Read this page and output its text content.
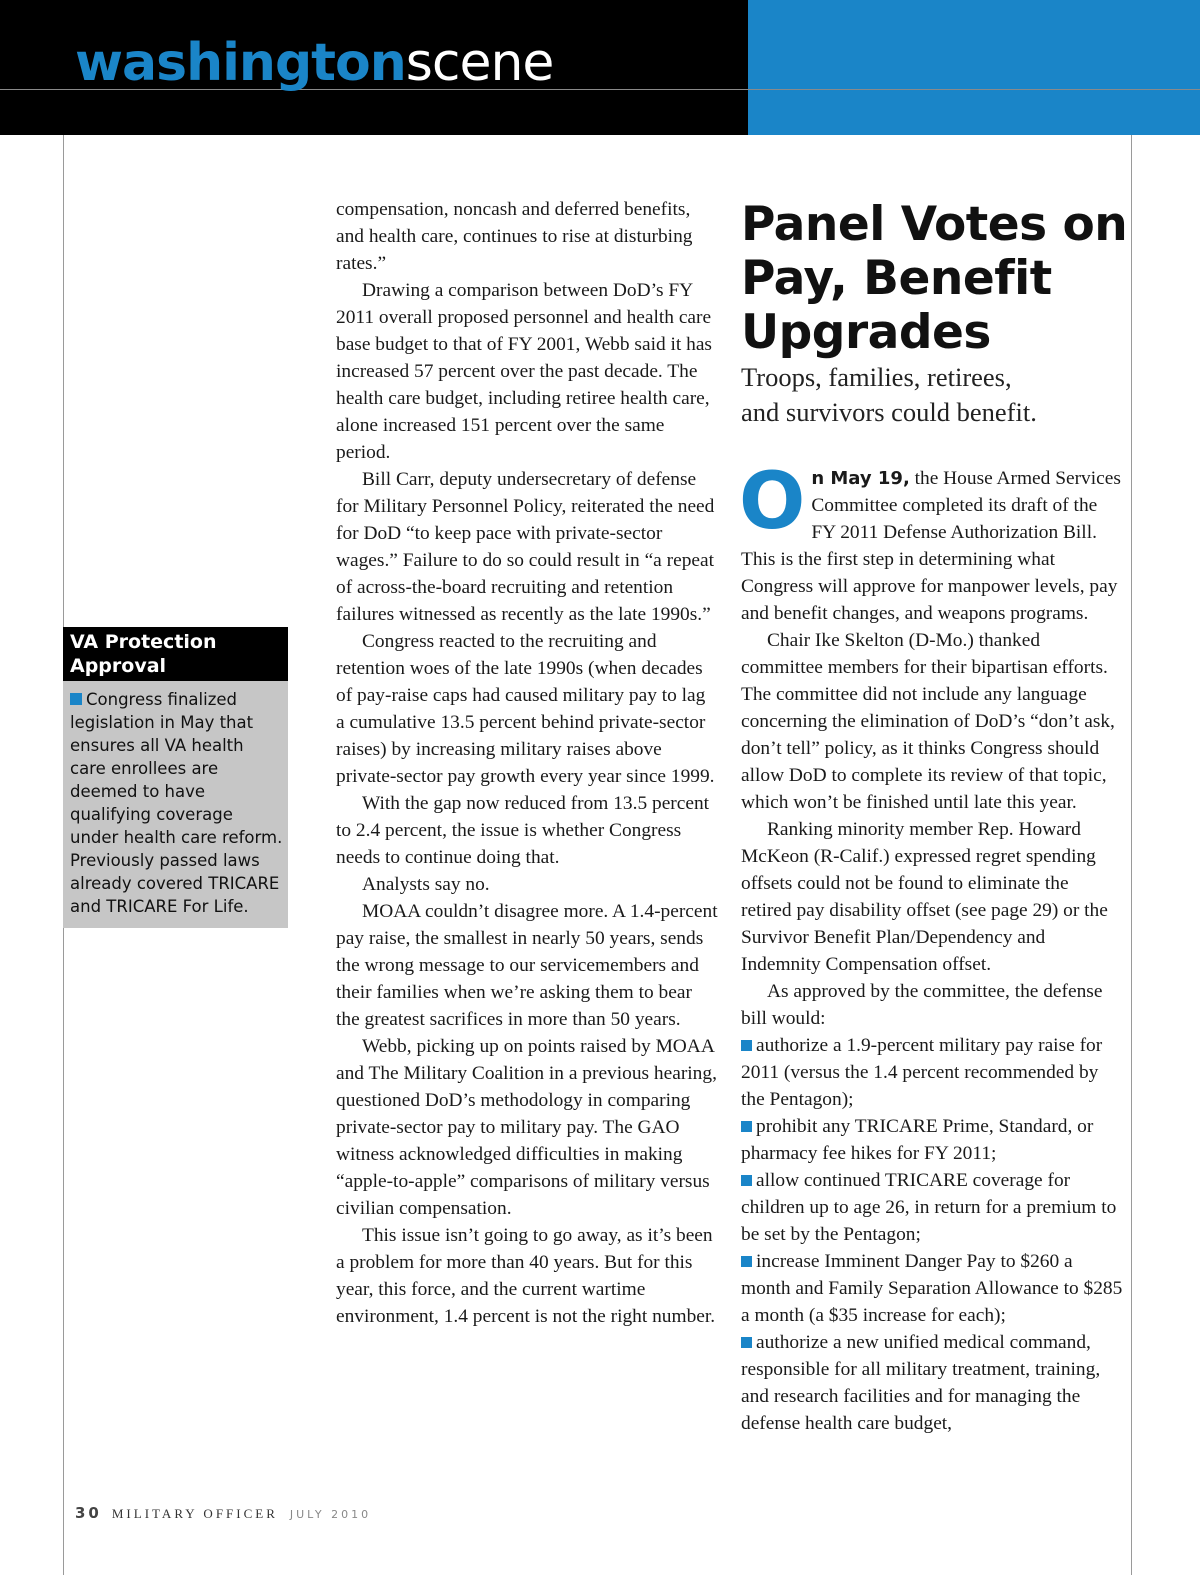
washingtonscene
VA Protection
Approval
Congress finalized legislation in May that ensures all VA health care enrollees are deemed to have qualifying coverage under health care reform. Previously passed laws already covered TRICARE and TRICARE For Life.

compensation, noncash and deferred benefits, and health care, continues to rise at disturbing rates.”

Drawing a comparison between DoD’s FY 2011 overall proposed personnel and health care base budget to that of FY 2001, Webb said it has increased 57 percent over the past decade. The health care budget, including retiree health care, alone increased 151 percent over the same period.

Bill Carr, deputy undersecretary of defense for Military Personnel Policy, reiterated the need for DoD “to keep pace with private-sector wages.” Failure to do so could result in “a repeat of across-the-board recruiting and retention failures witnessed as recently as the late 1990s.”

Congress reacted to the recruiting and retention woes of the late 1990s (when decades of pay-raise caps had caused military pay to lag a cumulative 13.5 percent behind private-sector raises) by increasing military raises above private-sector pay growth every year since 1999.

With the gap now reduced from 13.5 percent to 2.4 percent, the issue is whether Congress needs to continue doing that.

Analysts say no.

MOAA couldn’t disagree more. A 1.4-percent pay raise, the smallest in nearly 50 years, sends the wrong message to our servicemembers and their families when we’re asking them to bear the greatest sacrifices in more than 50 years.

Webb, picking up on points raised by MOAA and The Military Coalition in a previous hearing, questioned DoD’s methodology in comparing private-sector pay to military pay. The GAO witness acknowledged difficulties in making “apple-to-apple” comparisons of military versus civilian compensation.

This issue isn’t going to go away, as it’s been a problem for more than 40 years. But for this year, this force, and the current wartime environment, 1.4 percent is not the right number.

Panel Votes on
Pay, Benefit
Upgrades
Troops, families, retirees,
and survivors could benefit.

On May 19, the House Armed Services Committee completed its draft of the FY 2011 Defense Authorization Bill. This is the first step in determining what Congress will approve for manpower levels, pay and benefit changes, and weapons programs.

Chair Ike Skelton (D-Mo.) thanked committee members for their bipartisan efforts. The committee did not include any language concerning the elimination of DoD’s “don’t ask, don’t tell” policy, as it thinks Congress should allow DoD to complete its review of that topic, which won’t be finished until late this year.

Ranking minority member Rep. Howard McKeon (R-Calif.) expressed regret spending offsets could not be found to eliminate the retired pay disability offset (see page 29) or the Survivor Benefit Plan/Dependency and Indemnity Compensation offset.

As approved by the committee, the defense bill would:

authorize a 1.9-percent military pay raise for 2011 (versus the 1.4 percent recommended by the Pentagon);

prohibit any TRICARE Prime, Standard, or pharmacy fee hikes for FY 2011;

allow continued TRICARE coverage for children up to age 26, in return for a premium to be set by the Pentagon;

increase Imminent Danger Pay to $260 a month and Family Separation Allowance to $285 a month (a $35 increase for each);

authorize a new unified medical command, responsible for all military treatment, training, and research facilities and for managing the defense health care budget,

30 MILITARY OFFICER JULY 2010
